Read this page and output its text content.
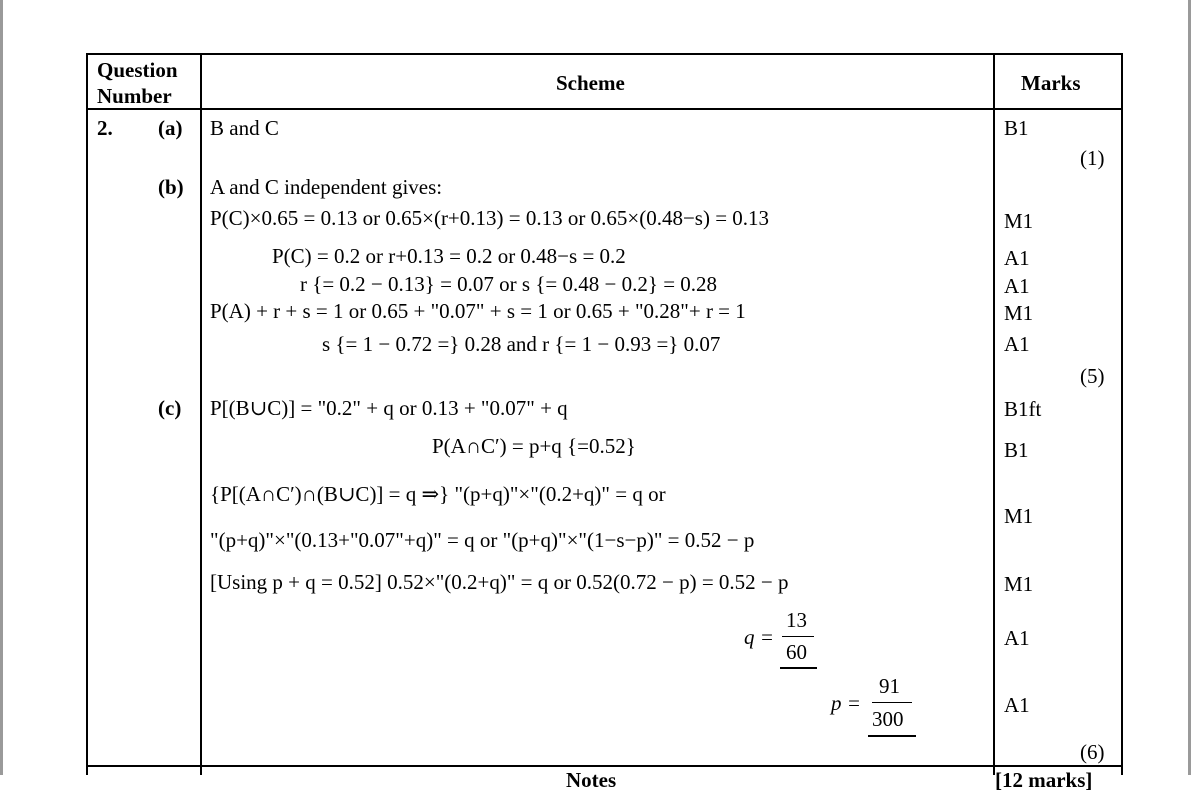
Question
Number
Scheme	Marks
2. (a)
(b)
(c)
B and C
A and C independent gives:
P(C)×0.65 = 0.13 or 0.65×(r+0.13) = 0.13 or 0.65×(0.48−s) = 0.13
P(C) = 0.2 or r+0.13 = 0.2 or 0.48−s = 0.2
r {= 0.2 − 0.13} = 0.07 or s {= 0.48 − 0.2} = 0.28
P(A) + r + s = 1 or 0.65 + "0.07" + s = 1 or 0.65 + "0.28"+ r = 1
s {= 1 − 0.72 =} 0.28 and r {= 1 − 0.93 =} 0.07
P[(B∪C)] = "0.2" + q or 0.13 + "0.07" + q
P(A∩C′) = p+q {=0.52}
{P[(A∩C′)∩(B∪C)] = q ⇒} "(p+q)"×"(0.2+q)" = q or
"(p+q)"×"(0.13+"0.07"+q)" = q or "(p+q)"×"(1−s−p)" = 0.52 − p
[Using p + q = 0.52] 0.52×"(0.2+q)" = q or 0.52(0.72 − p) = 0.52 − p
q =
13
60
p =
91
300
B1
(1)
M1
A1
A1
M1
A1
(5)
B1ft
B1
M1
M1
A1
A1
(6)
Notes	[12 marks]
